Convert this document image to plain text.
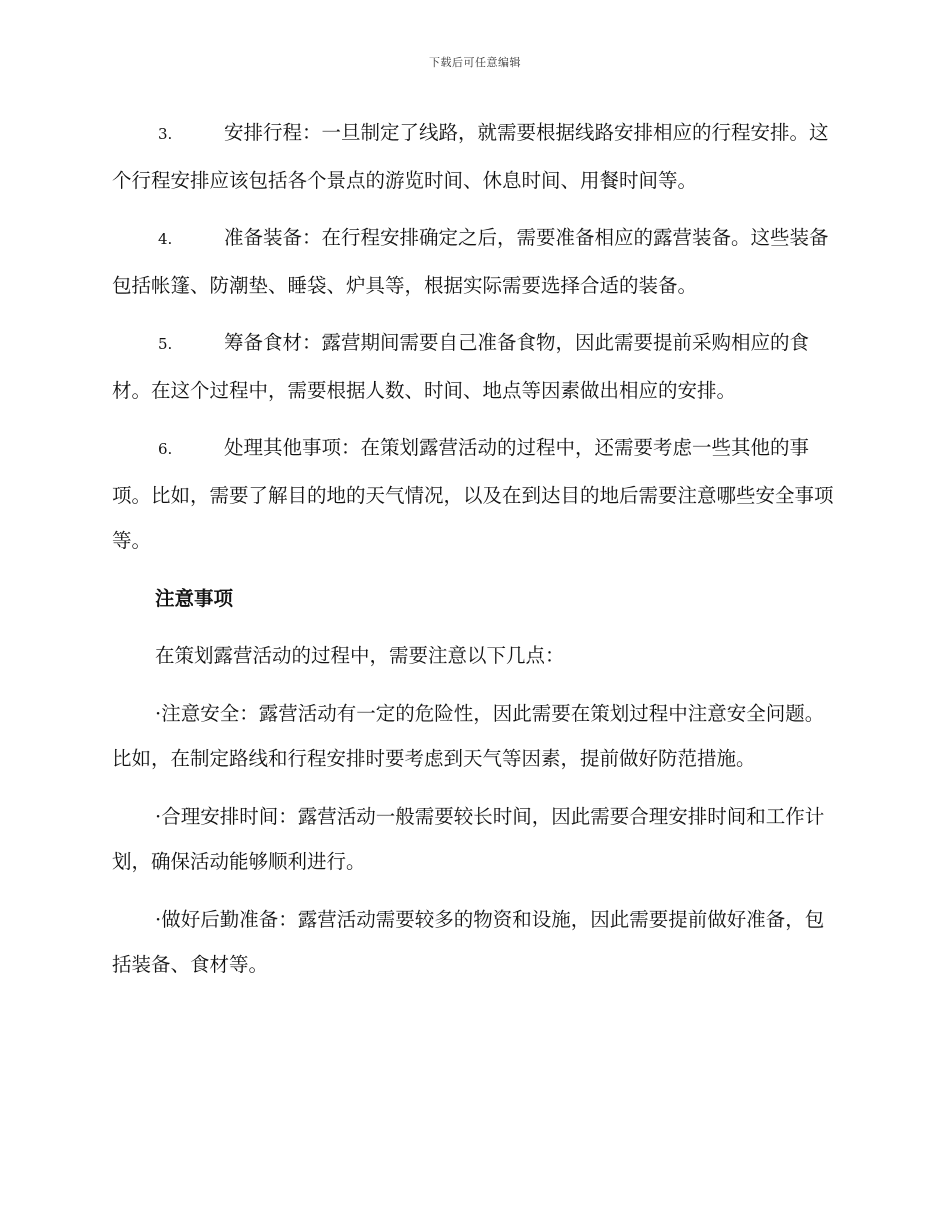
下载后可任意编辑

3.	安排行程：一旦制定了线路，就需要根据线路安排相应的行程安排。这个行程安排应该包括各个景点的游览时间、休息时间、用餐时间等。

4.	准备装备：在行程安排确定之后，需要准备相应的露营装备。这些装备包括帐篷、防潮垫、睡袋、炉具等，根据实际需要选择合适的装备。

5.	筹备食材：露营期间需要自己准备食物，因此需要提前采购相应的食材。在这个过程中，需要根据人数、时间、地点等因素做出相应的安排。

6.	处理其他事项：在策划露营活动的过程中，还需要考虑一些其他的事项。比如，需要了解目的地的天气情况，以及在到达目的地后需要注意哪些安全事项等。

注意事项

在策划露营活动的过程中，需要注意以下几点：

·注意安全：露营活动有一定的危险性，因此需要在策划过程中注意安全问题。比如，在制定路线和行程安排时要考虑到天气等因素，提前做好防范措施。

·合理安排时间：露营活动一般需要较长时间，因此需要合理安排时间和工作计划，确保活动能够顺利进行。

·做好后勤准备：露营活动需要较多的物资和设施，因此需要提前做好准备，包括装备、食材等。
